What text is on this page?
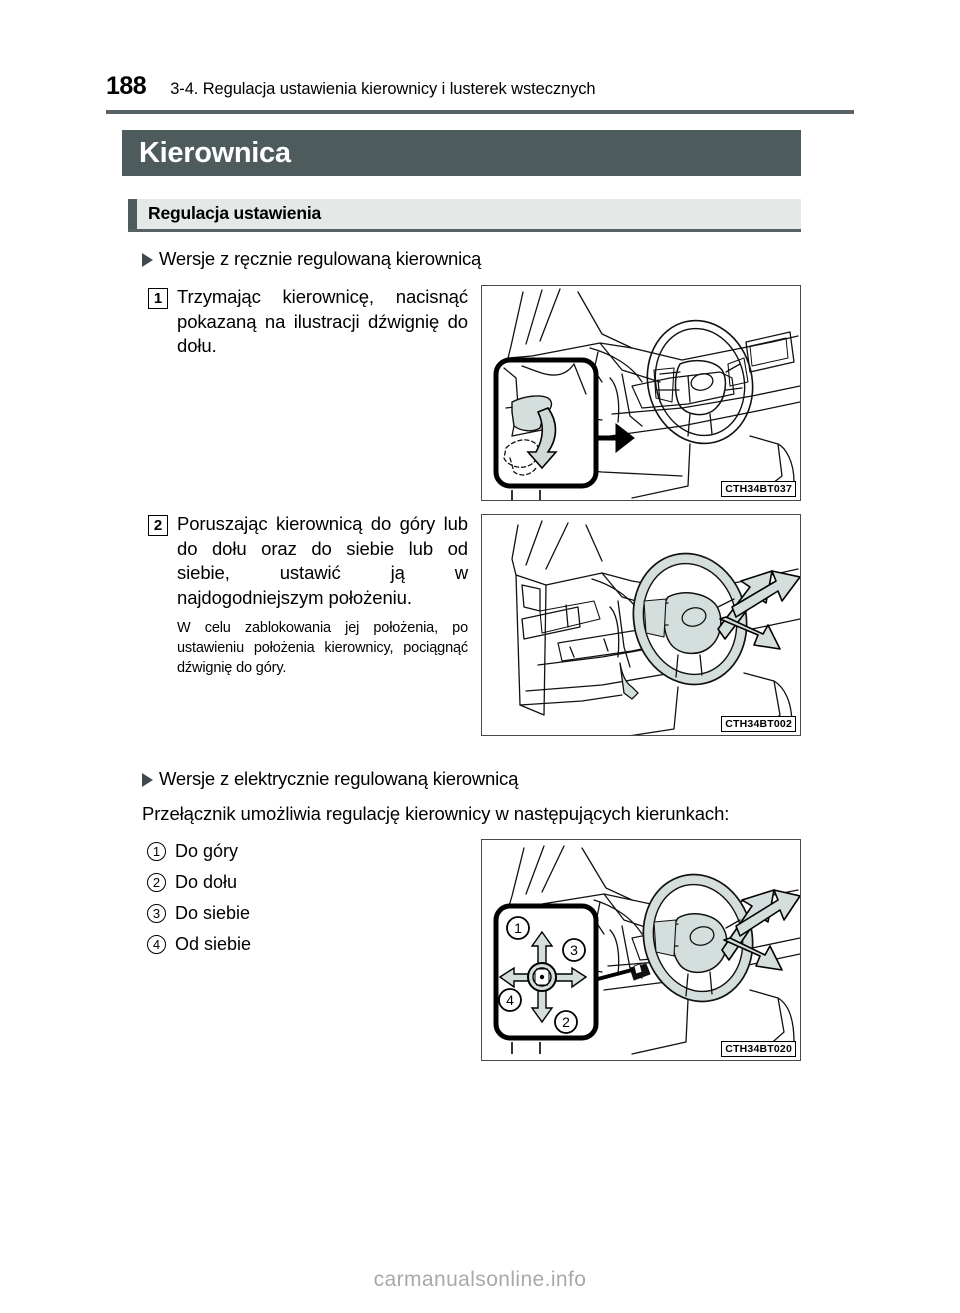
188 3-4. Regulacja ustawienia kierownicy i lusterek wstecznych
Kierownica
Regulacja ustawienia
Wersje z ręcznie regulowaną kierownicą
1 Trzymając kierownicę, nacisnąć pokazaną na ilustracji dźwignię do dołu.
CTH34BT037
2 Poruszając kierownicą do góry lub do dołu oraz do siebie lub od siebie, ustawić ją w najdogodniejszym położeniu.
W celu zablokowania jej położenia, po ustawieniu położenia kierownicy, pociągnąć dźwignię do góry.
CTH34BT002
Wersje z elektrycznie regulowaną kierownicą
Przełącznik umożliwia regulację kierownicy w następujących kierunkach:
1 Do góry
2 Do dołu
3 Do siebie
4 Od siebie
1
3
4
2
CTH34BT020
carmanualsonline.info
